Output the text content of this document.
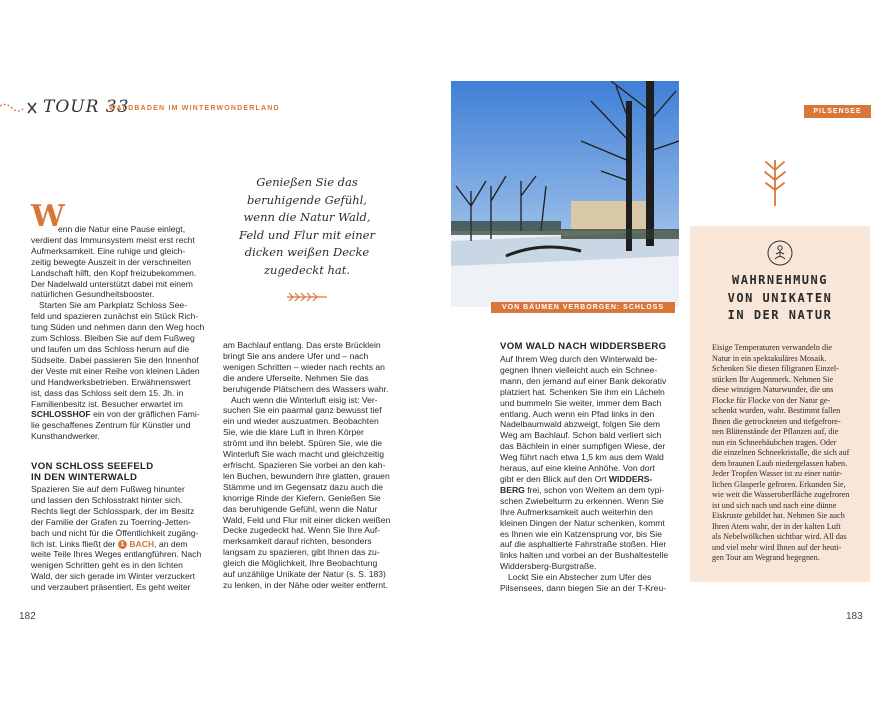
TOUR 33
WALDBADEN IM WINTERWONDERLAND
W
enn die Natur eine Pause einlegt,
verdient das Immunsystem meist erst recht
Aufmerksamkeit. Eine ruhige und gleich-
zeitig bewegte Auszeit in der verschneiten
Landschaft hilft, den Kopf freizubekommen.
Der Nadelwald unterstützt dabei mit einem
natürlichen Gesundheitsbooster.
Starten Sie am Parkplatz Schloss See-
feld und spazieren zunächst ein Stück Rich-
tung Süden und nehmen dann den Weg hoch
zum Schloss. Bleiben Sie auf dem Fußweg
und laufen um das Schloss herum auf die
Südseite. Dabei passieren Sie den Innenhof
der Veste mit einer Reihe von kleinen Läden
und Handwerksbetrieben. Erwähnenswert
ist, dass das Schloss seit dem 15. Jh. in
Familienbesitz ist. Besucher erwartet im
SCHLOSSHOF ein von der gräflichen Fami-
lie geschaffenes Zentrum für Künstler und
Kunsthandwerker.
VON SCHLOSS SEEFELD
IN DEN WINTERWALD
Spazieren Sie auf dem Fußweg hinunter
und lassen den Schlosstrakt hinter sich.
Rechts liegt der Schlosspark, der im Besitz
der Familie der Grafen zu Toerring-Jetten-
bach und nicht für die Öffentlichkeit zugäng-
lich ist. Links fließt der 1 BACH, an dem
weite Teile Ihres Weges entlangführen. Nach
wenigen Schritten geht es in den lichten
Wald, der sich gerade im Winter verzuckert
und verzaubert präsentiert. Es geht weiter
182
Genießen Sie das
beruhigende Gefühl,
wenn die Natur Wald,
Feld und Flur mit einer
dicken weißen Decke
zugedeckt hat.
am Bachlauf entlang. Das erste Brücklein
bringt Sie ans andere Ufer und – nach
wenigen Schritten – wieder nach rechts an
die andere Uferseite. Nehmen Sie das
beruhigende Plätschern des Wassers wahr.
Auch wenn die Winterluft eisig ist: Ver-
suchen Sie ein paarmal ganz bewusst tief
ein und wieder auszuatmen. Beobachten
Sie, wie die klare Luft in Ihren Körper
strömt und ihn belebt. Spüren Sie, wie die
Winterluft Sie wach macht und gleichzeitig
erfrischt. Spazieren Sie vorbei an den kah-
len Buchen, bewundern ihre glatten, grauen
Stämme und im Gegensatz dazu auch die
knorrige Rinde der Kiefern. Genießen Sie
das beruhigende Gefühl, wenn die Natur
Wald, Feld und Flur mit einer dicken weißen
Decke zugedeckt hat. Wenn Sie Ihre Auf-
merksamkeit darauf richten, besonders
langsam zu spazieren, gibt Ihnen das zu-
gleich die Möglichkeit, Ihre Beobachtung
auf unzählige Unikate der Natur (s. S. 183)
zu lenken, in der Nähe oder weiter entfernt.
VON BÄUMEN VERBORGEN: SCHLOSS SEEFELD
PILSENSEE
VOM WALD NACH WIDDERSBERG
Auf Ihrem Weg durch den Winterwald be-
gegnen Ihnen vielleicht auch ein Schnee-
mann, den jemand auf einer Bank dekorativ
platziert hat. Schenken Sie ihm ein Lächeln
und bummeln Sie weiter, immer dem Bach
entlang. Auch wenn ein Pfad links in den
Nadelbaumwald abzweigt, folgen Sie dem
Weg am Bachlauf. Schon bald verliert sich
das Bächlein in einer sumpfigen Wiese, der
Weg führt nach etwa 1,5 km aus dem Wald
heraus, auf eine kleine Anhöhe. Von dort
gibt er den Blick auf den Ort WIDDERS-
BERG frei, schon von Weitem an dem typi-
schen Zwiebelturm zu erkennen. Wenn Sie
Ihre Aufmerksamkeit auch weiterhin den
kleinen Dingen der Natur schenken, kommt
es Ihnen wie ein Katzensprung vor, bis Sie
auf die asphaltierte Fahrstraße stoßen. Hier
links halten und vorbei an der Bushaltestelle
Widdersberg-Burgstraße.
Lockt Sie ein Abstecher zum Ufer des
Pilsensees, dann biegen Sie an der T-Kreu-
WAHRNEHMUNG
VON UNIKATEN
IN DER NATUR
Eisige Temperaturen verwandeln die
Natur in ein spektakuläres Mosaik.
Schenken Sie diesen filigranen Einzel-
stücken Ihr Augenmerk. Nehmen Sie
diese winzigen Naturwunder, die uns
Flocke für Flocke von der Natur ge-
schenkt wurden, wahr. Bestimmt fallen
Ihnen die getrockneten und tiefgefrore-
nen Blütenstände der Pflanzen auf, die
nun ein Schneehäubchen tragen. Oder
die einzelnen Schneekristalle, die sich auf
dem braunen Laub niedergelassen haben.
Jeder Tropfen Wasser ist zu einer natür-
lichen Glasperle gefroren. Erkunden Sie,
wie weit die Wasseroberfläche zugefroren
ist und sich nach und nach eine dünne
Eiskruste gebildet hat. Nehmen Sie auch
Ihren Atem wahr, der in der kalten Luft
als Nebelwölkchen sichtbar wird. All das
und viel mehr wird Ihnen auf der heuti-
gen Tour am Wegrand begegnen.
183
